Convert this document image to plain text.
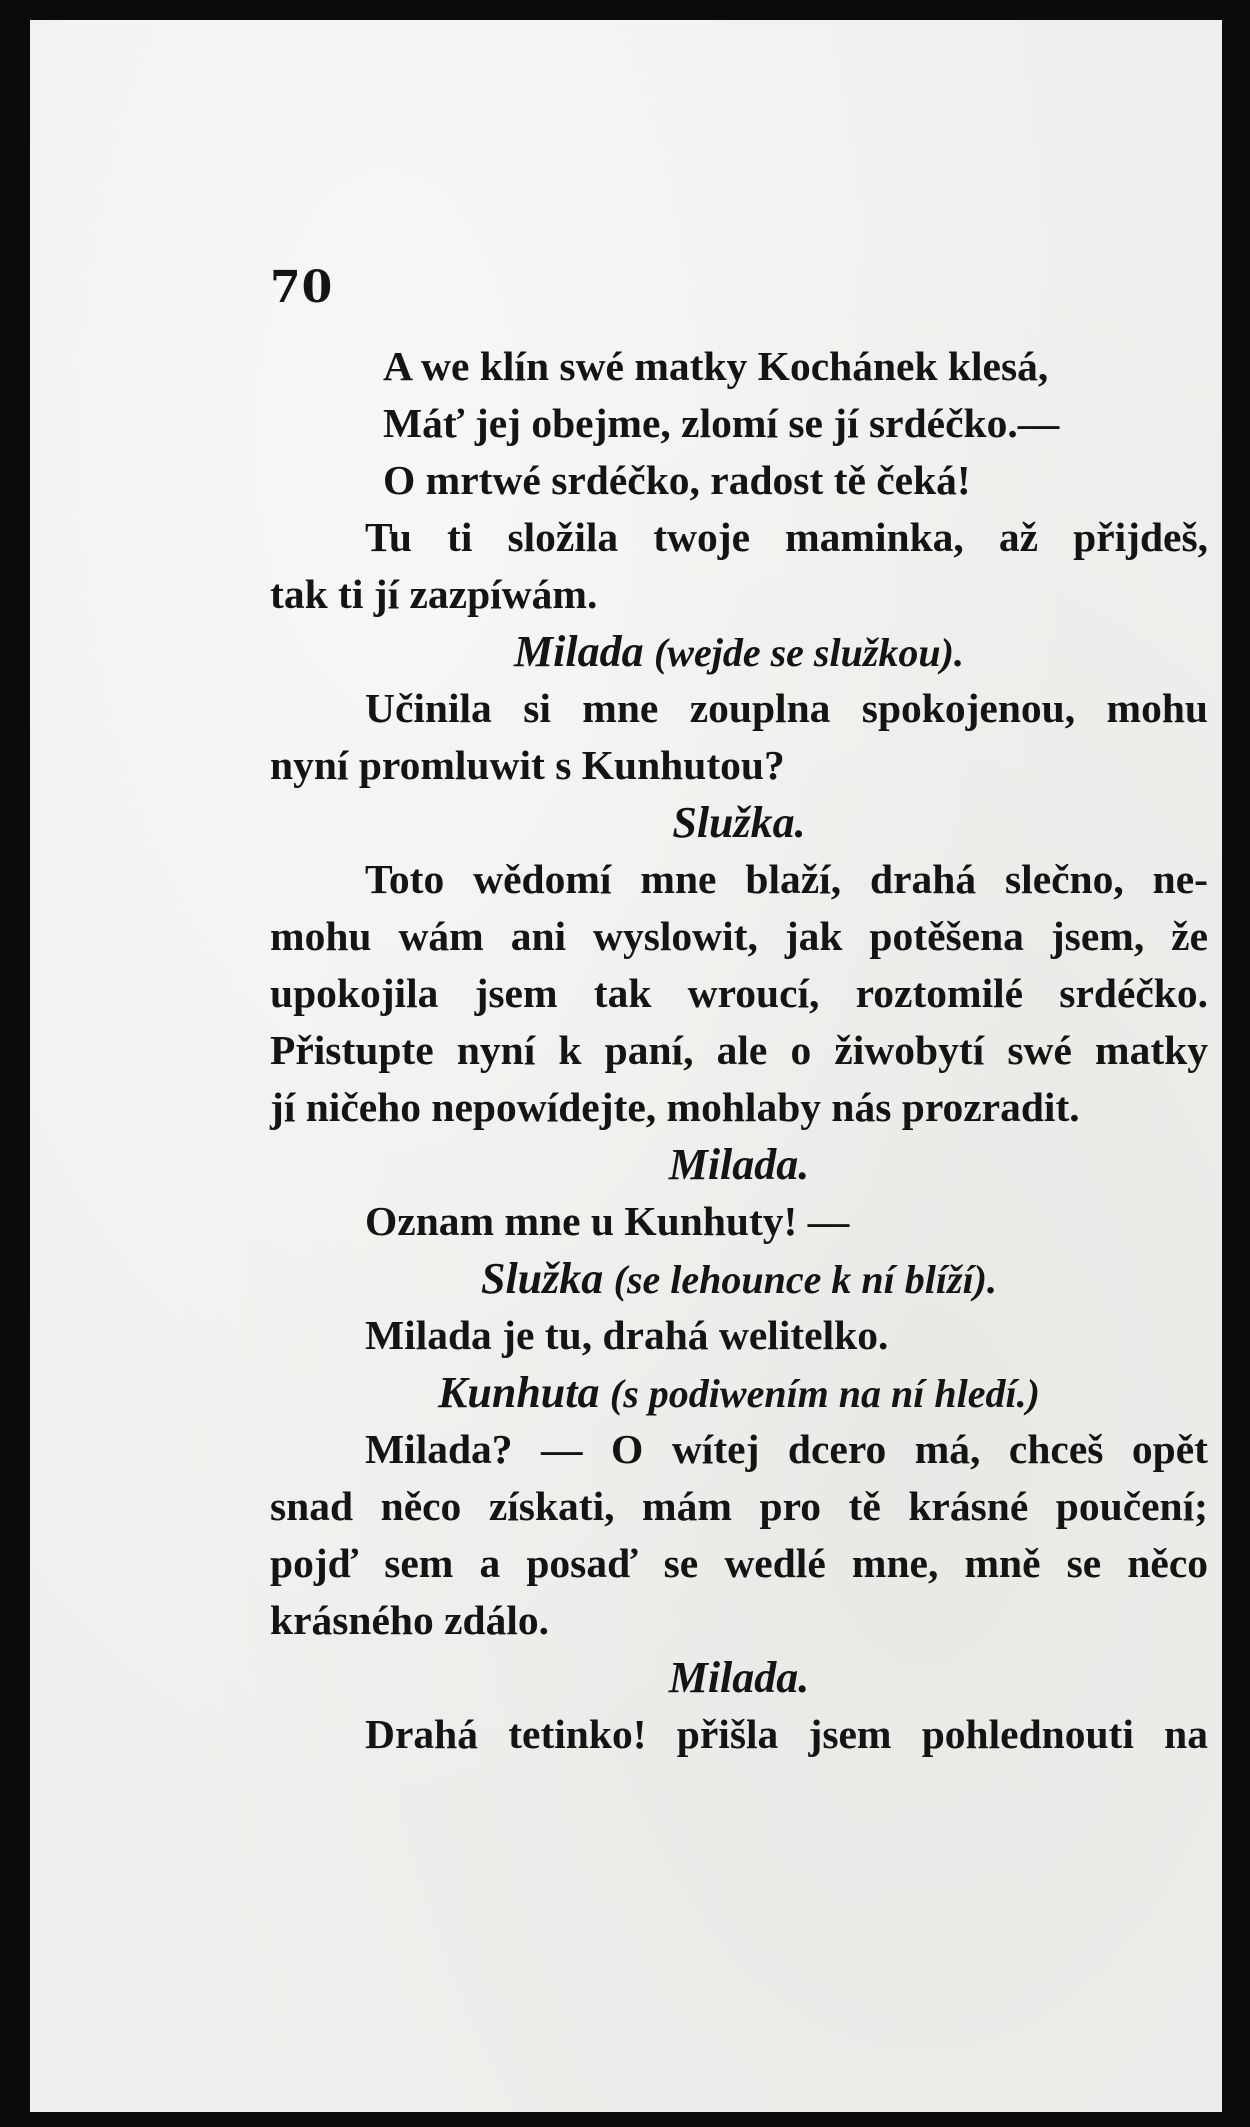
70
A we klín swé matky Kochánek klesá,
Máť jej obejme, zlomí se jí srdéčko.—
O mrtwé srdéčko, radost tě čeká!
Tu ti složila twoje maminka, až přijdeš,
tak ti jí zazpíwám.
Milada (wejde se služkou).
Učinila si mne zouplna spokojenou, mohu
nyní promluwit s Kunhutou?
Služka.
Toto wědomí mne blaží, drahá slečno, ne-
mohu wám ani wyslowit, jak potěšena jsem, že
upokojila jsem tak wroucí, roztomilé srdéčko.
Přistupte nyní k paní, ale o žiwobytí swé matky
jí ničeho nepowídejte, mohlaby nás prozradit.
Milada.
Oznam mne u Kunhuty! —
Služka (se lehounce k ní blíží).
Milada je tu, drahá welitelko.
Kunhuta (s podiwením na ní hledí.)
Milada? — O wítej dcero má, chceš opět
snad něco získati, mám pro tě krásné poučení;
pojď sem a posaď se wedlé mne, mně se něco
krásného zdálo.
Milada.
Drahá tetinko! přišla jsem pohlednouti na
